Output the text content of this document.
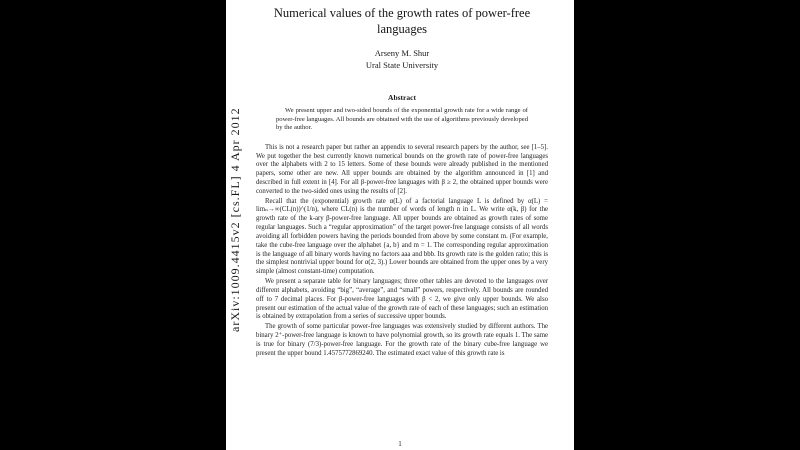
arXiv:1009.4415v2 [cs.FL] 4 Apr 2012
Numerical values of the growth rates of power-free
languages
Arseny M. Shur
Ural State University
Abstract

We present upper and two-sided bounds of the exponential growth rate for a wide range of power-free languages. All bounds are obtained with the use of algorithms previously developed by the author.

This is not a research paper but rather an appendix to several research papers by the author, see [1–5]. We put together the best currently known numerical bounds on the growth rate of power-free languages over the alphabets with 2 to 15 letters. Some of these bounds were already published in the mentioned papers, some other are new. All upper bounds are obtained by the algorithm announced in [1] and described in full extent in [4]. For all β-power-free languages with β ≥ 2, the obtained upper bounds were converted to the two-sided ones using the results of [2].

Recall that the (exponential) growth rate α(L) of a factorial language L is defined by α(L) = limₙ→∞(CL(n))^(1/n), where CL(n) is the number of words of length n in L. We write α(k, β) for the growth rate of the k-ary β-power-free language. All upper bounds are obtained as growth rates of some regular languages. Such a “regular approximation” of the target power-free language consists of all words avoiding all forbidden powers having the periods bounded from above by some constant m. (For example, take the cube-free language over the alphabet {a, b} and m = 1. The corresponding regular approximation is the language of all binary words having no factors aaa and bbb. Its growth rate is the golden ratio; this is the simplest nontrivial upper bound for α(2, 3).) Lower bounds are obtained from the upper ones by a very simple (almost constant-time) computation.

We present a separate table for binary languages; three other tables are devoted to the languages over different alphabets, avoiding “big”, “average”, and “small” powers, respectively. All bounds are rounded off to 7 decimal places. For β-power-free languages with β < 2, we give only upper bounds. We also present our estimation of the actual value of the growth rate of each of these languages; such an estimation is obtained by extrapolation from a series of successive upper bounds.

The growth of some particular power-free languages was extensively studied by different authors. The binary 2⁺-power-free language is known to have polynomial growth, so its growth rate equals 1. The same is true for binary (7/3)-power-free language. For the growth rate of the binary cube-free language we present the upper bound 1.4575772869240. The estimated exact value of this growth rate is

1
